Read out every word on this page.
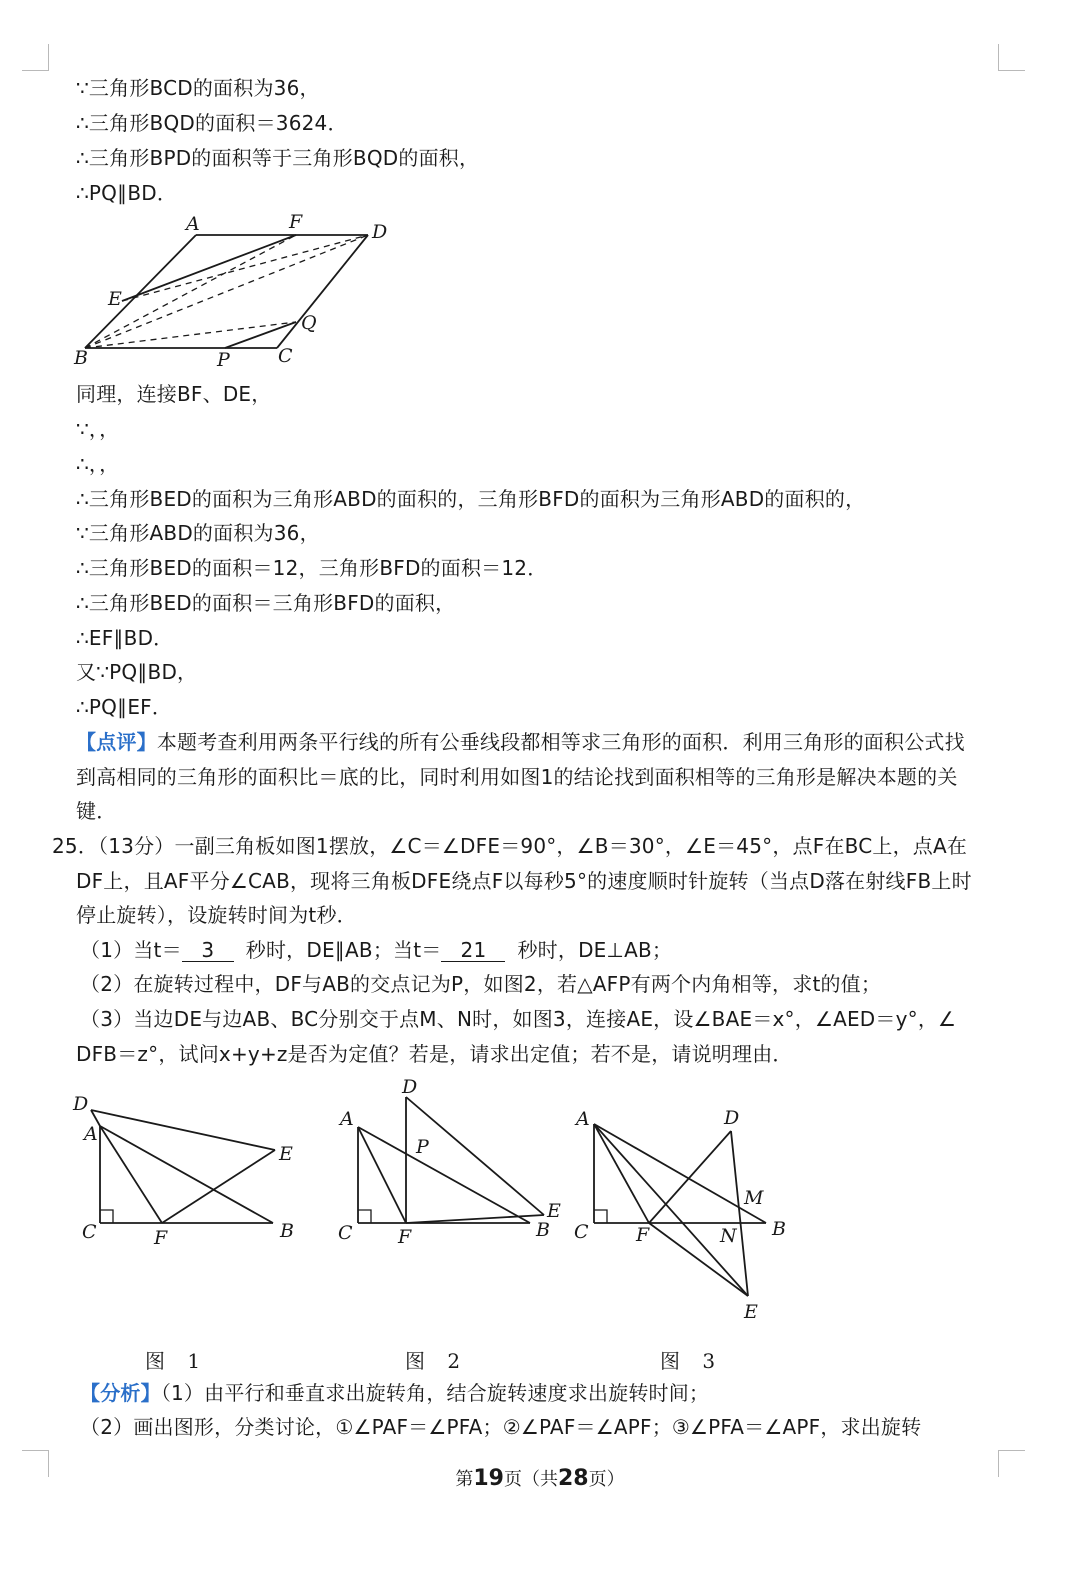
∵三角形BCD的面积为36，
∴三角形BQD的面积＝3624．
∴三角形BPD的面积等于三角形BQD的面积，
∴PQ∥BD．
A	F	D
E
Q
B	P	C
同理，连接BF、DE，
∵，，
∴，，
∴三角形BED的面积为三角形ABD的面积的，三角形BFD的面积为三角形ABD的面积的，
∵三角形ABD的面积为36，
∴三角形BED的面积＝12，三角形BFD的面积＝12．
∴三角形BED的面积＝三角形BFD的面积，
∴EF∥BD．
又∵PQ∥BD，
∴PQ∥EF．
【点评】本题考查利用两条平行线的所有公垂线段都相等求三角形的面积．利用三角形的面积公式找
到高相同的三角形的面积比＝底的比，同时利用如图1的结论找到面积相等的三角形是解决本题的关
键．
25．（13分）一副三角板如图1摆放，∠C＝∠DFE＝90°，∠B＝30°，∠E＝45°，点F在BC上，点A在
DF上，且AF平分∠CAB，现将三角板DFE绕点F以每秒5°的速度顺时针旋转（当点D落在射线FB上时
停止旋转），设旋转时间为t秒．
（1）当t＝ 3 秒时，DE∥AB；当t＝ 21 秒时，DE⊥AB；
（2）在旋转过程中，DF与AB的交点记为P，如图2，若△AFP有两个内角相等，求t的值；
（3）当边DE与边AB、BC分别交于点M、N时，如图3，连接AE，设∠BAE＝x°，∠AED＝y°，∠
DFB＝z°，试问x+y+z是否为定值？若是，请求出定值；若不是，请说明理由．
D
A
E
C	F	B
D
A
P
E
C F	B
A	D
M
C F	N B
E
图 1	图 2	图 3
【分析】（1）由平行和垂直求出旋转角，结合旋转速度求出旋转时间；
（2）画出图形，分类讨论，①∠PAF＝∠PFA；②∠PAF＝∠APF；③∠PFA＝∠APF，求出旋转
第19页（共28页）
